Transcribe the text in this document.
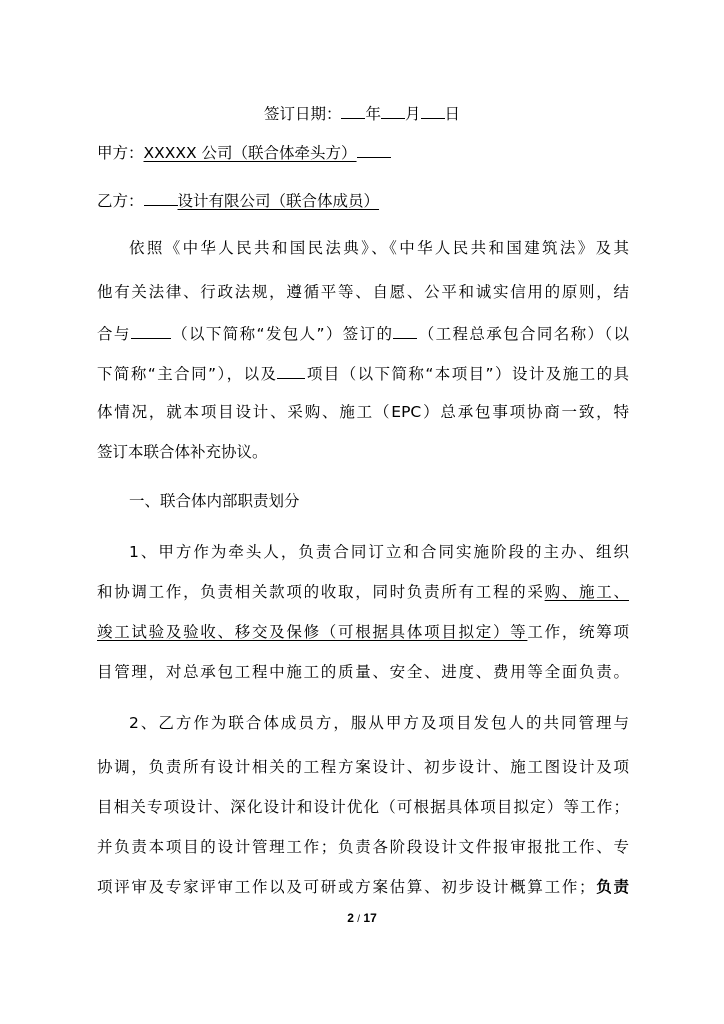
签订日期： 年 月 日
甲方：XXXXX 公司（联合体牵头方）
乙方： 设计有限公司（联合体成员）
依照《中华人民共和国民法典》、《中华人民共和国建筑法》及其
他有关法律、行政法规，遵循平等、自愿、公平和诚实信用的原则，结
合与	（以下简称“发包人”）签订的 （工程总承包合同名称）（以
下简称“主合同”），以及 项目（以下简称“本项目”）设计及施工的具
体情况，就本项目设计、采购、施工（EPC）总承包事项协商一致，特
签订本联合体补充协议。
一、联合体内部职责划分
1、甲方作为牵头人，负责合同订立和合同实施阶段的主办、组织
和协调工作，负责相关款项的收取，同时负责所有工程的采购、施工、
竣工试验及验收、移交及保修（可根据具体项目拟定）等工作，统筹项
目管理，对总承包工程中施工的质量、安全、进度、费用等全面负责。
2、乙方作为联合体成员方，服从甲方及项目发包人的共同管理与
协调，负责所有设计相关的工程方案设计、初步设计、施工图设计及项
目相关专项设计、深化设计和设计优化（可根据具体项目拟定）等工作；
并负责本项目的设计管理工作；负责各阶段设计文件报审报批工作、专
项评审及专家评审工作以及可研或方案估算、初步设计概算工作；负责
2 / 17
